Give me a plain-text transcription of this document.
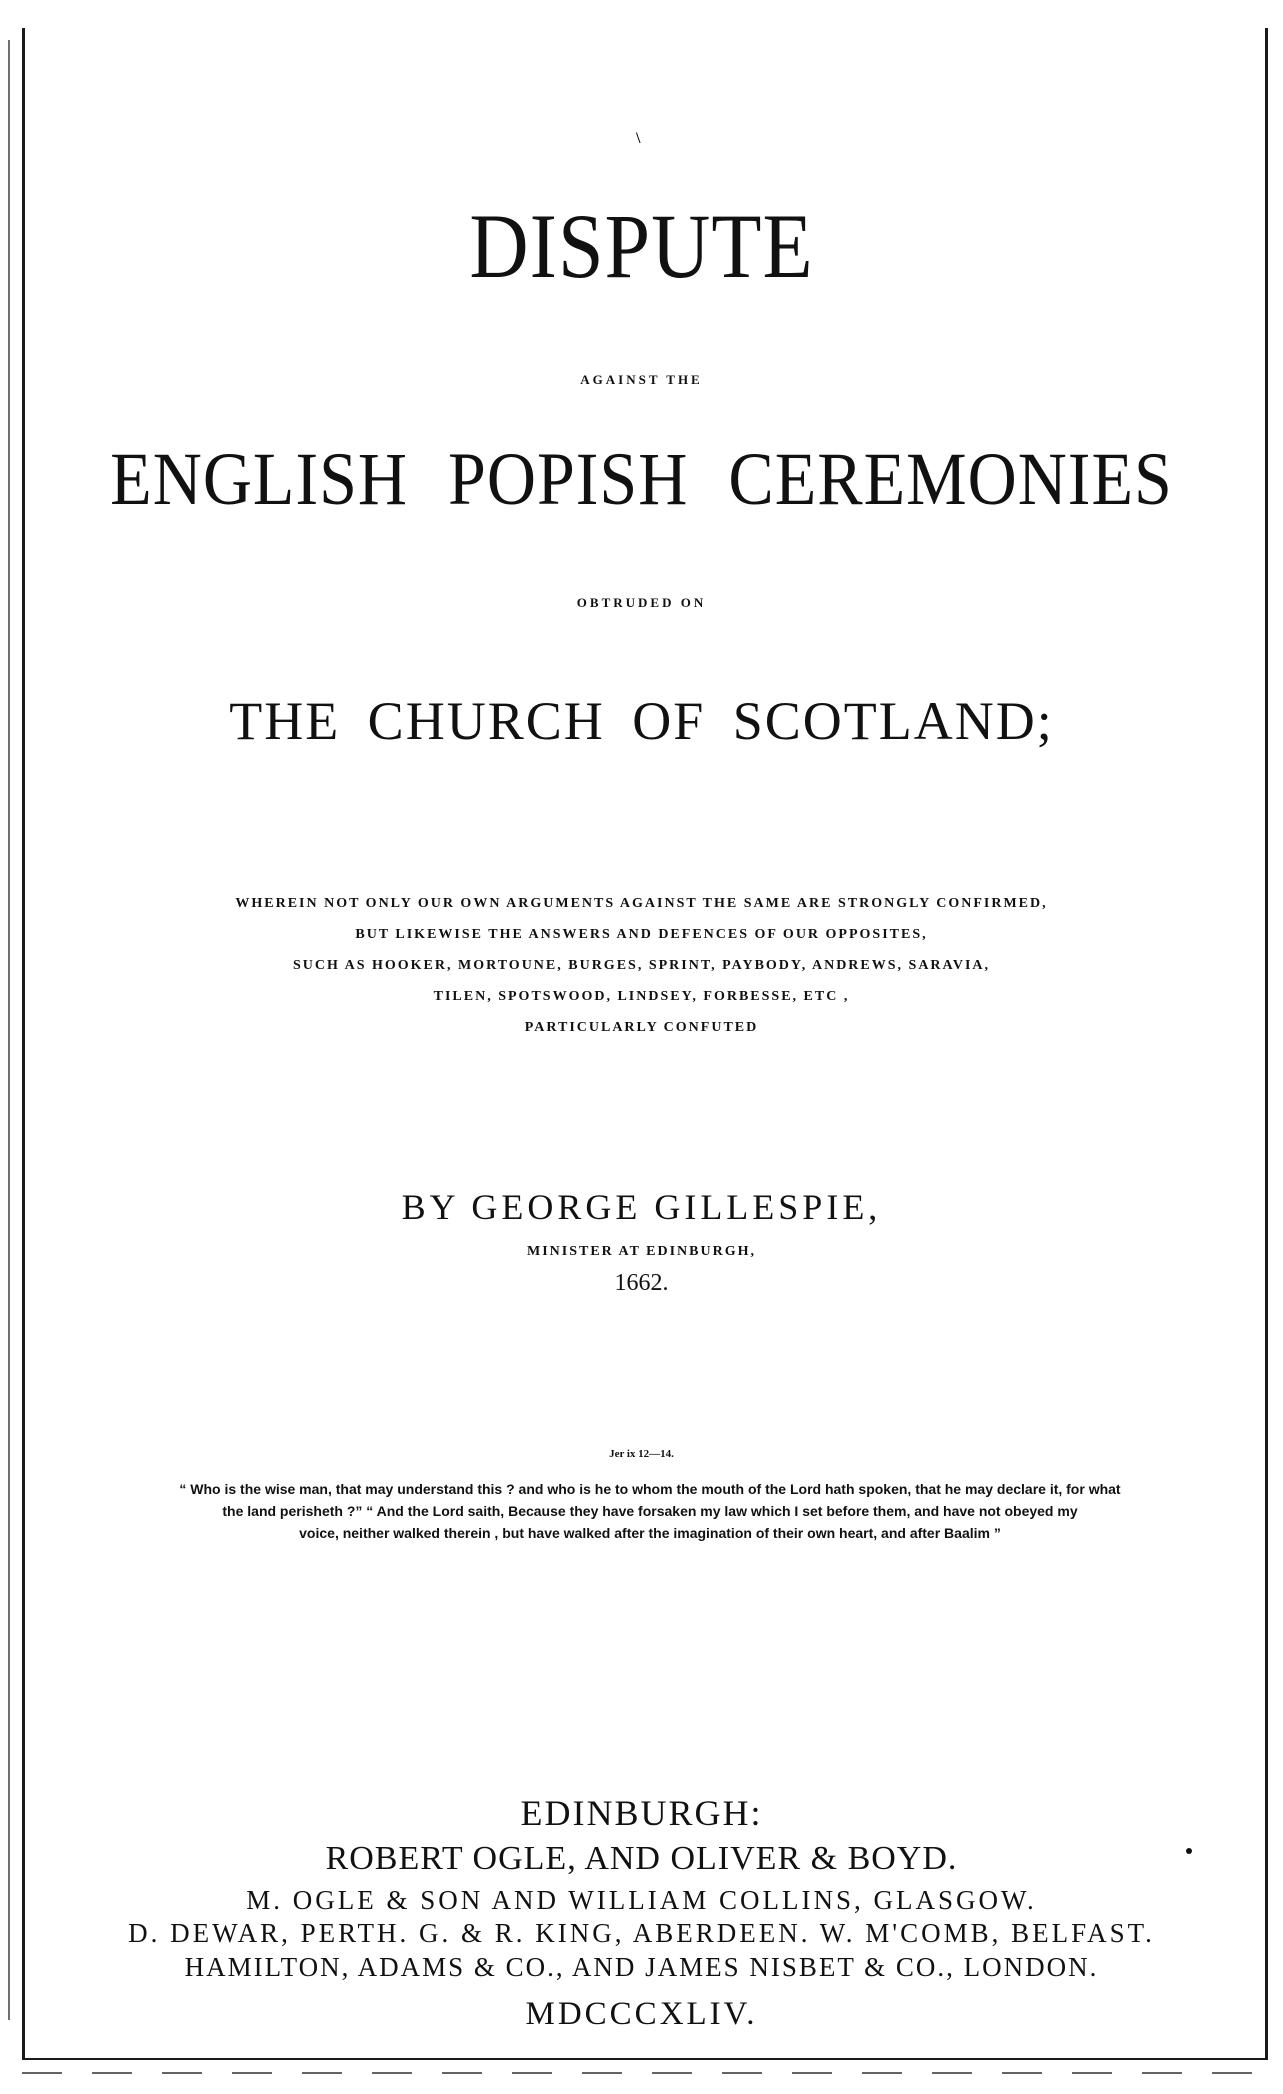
\
DISPUTE
AGAINST THE
ENGLISH POPISH CEREMONIES
OBTRUDED ON
THE CHURCH OF SCOTLAND;
WHEREIN NOT ONLY OUR OWN ARGUMENTS AGAINST THE SAME ARE STRONGLY CONFIRMED,
BUT LIKEWISE THE ANSWERS AND DEFENCES OF OUR OPPOSITES,
SUCH AS HOOKER, MORTOUNE, BURGES, SPRINT, PAYBODY, ANDREWS, SARAVIA,
TILEN, SPOTSWOOD, LINDSEY, FORBESSE, ETC ,
PARTICULARLY CONFUTED
BY GEORGE GILLESPIE,
MINISTER AT EDINBURGH,
1662.
Jer ix 12—14.
“ Who is the wise man, that may understand this ? and who is he to whom the mouth of the Lord hath spoken, that he may declare it, for what
the land perisheth ?” “ And the Lord saith, Because they have forsaken my law which I set before them, and have not obeyed my
voice, neither walked therein , but have walked after the imagination of their own heart, and after Baalim ”
EDINBURGH:
ROBERT OGLE, AND OLIVER & BOYD.
M. OGLE & SON AND WILLIAM COLLINS, GLASGOW.
D. DEWAR, PERTH. G. & R. KING, ABERDEEN. W. M'COMB, BELFAST.
HAMILTON, ADAMS & CO., AND JAMES NISBET & CO., LONDON.
MDCCCXLIV.
